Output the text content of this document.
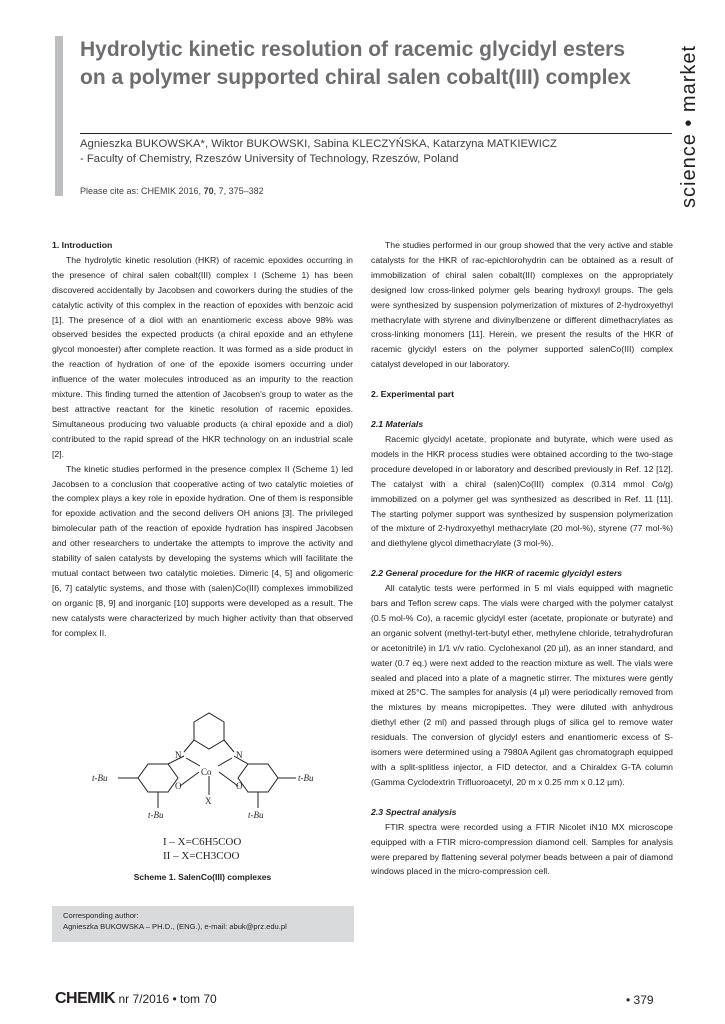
Hydrolytic kinetic resolution of racemic glycidyl esters on a polymer supported chiral salen cobalt(III) complex	science • market
Agnieszka BUKOWSKA*, Wiktor BUKOWSKI, Sabina KLECZYŃSKA, Katarzyna MATKIEWICZ
- Faculty of Chemistry, Rzeszów University of Technology, Rzeszów, Poland
Please cite as: CHEMIK 2016, 70, 7, 375–382
1. Introduction

The hydrolytic kinetic resolution (HKR) of racemic epoxides occurring in the presence of chiral salen cobalt(III) complex I (Scheme 1) has been discovered accidentally by Jacobsen and coworkers during the studies of the catalytic activity of this complex in the reaction of epoxides with benzoic acid [1]. The presence of a diol with an enantiomeric excess above 98% was observed besides the expected products (a chiral epoxide and an ethylene glycol monoester) after complete reaction. It was formed as a side product in the reaction of hydration of one of the epoxide isomers occurring under influence of the water molecules introduced as an impurity to the reaction mixture. This finding turned the attention of Jacobsen's group to water as the best attractive reactant for the kinetic resolution of racemic epoxides. Simultaneous producing two valuable products (a chiral epoxide and a diol) contributed to the rapid spread of the HKR technology on an industrial scale [2].

The kinetic studies performed in the presence complex II (Scheme 1) led Jacobsen to a conclusion that cooperative acting of two catalytic moieties of the complex plays a key role in epoxide hydration. One of them is responsible for epoxide activation and the second delivers OH anions [3]. The privileged bimolecular path of the reaction of epoxide hydration has inspired Jacobsen and other researchers to undertake the attempts to improve the activity and stability of salen catalysts by developing the systems which will facilitate the mutual contact between two catalytic moieties. Dimeric [4, 5] and oligomeric [6, 7] catalytic systems, and those with (salen)Co(III) complexes immobilized on organic [8, 9] and inorganic [10] supports were developed as a result. The new catalysts were characterized by much higher activity than that observed for complex II.

N	N
Co
O	O
X
t-Bu	t-Bu
t-Bu	t-Bu
I – X=C6H5COO
II – X=CH3COO
Scheme 1. SalenCo(III) complexes
Corresponding author:
Agnieszka BUKOWSKA – PH.D., (ENG.), e-mail: abuk@prz.edu.pl

The studies performed in our group showed that the very active and stable catalysts for the HKR of rac-epichlorohydrin can be obtained as a result of immobilization of chiral salen cobalt(III) complexes on the appropriately designed low cross-linked polymer gels bearing hydroxyl groups. The gels were synthesized by suspension polymerization of mixtures of 2-hydroxyethyl methacrylate with styrene and divinylbenzene or different dimethacrylates as cross-linking monomers [11]. Herein, we present the results of the HKR of racemic glycidyl esters on the polymer supported salenCo(III) complex catalyst developed in our laboratory.

2. Experimental part
2.1 Materials

Racemic glycidyl acetate, propionate and butyrate, which were used as models in the HKR process studies were obtained according to the two-stage procedure developed in or laboratory and described previously in Ref. 12 [12]. The catalyst with a chiral (salen)Co(III) complex (0.314 mmol Co/g) immobilized on a polymer gel was synthesized as described in Ref. 11 [11]. The starting polymer support was synthesized by suspension polymerization of the mixture of 2-hydroxyethyl methacrylate (20 mol-%), styrene (77 mol-%) and diethylene glycol dimethacrylate (3 mol-%).

2.2 General procedure for the HKR of racemic glycidyl esters

All catalytic tests were performed in 5 ml vials equipped with magnetic bars and Teflon screw caps. The vials were charged with the polymer catalyst (0.5 mol-% Co), a racemic glycidyl ester (acetate, propionate or butyrate) and an organic solvent (methyl-tert-butyl ether, methylene chloride, tetrahydrofuran or acetonitrile) in 1/1 v/v ratio. Cyclohexanol (20 µl), as an inner standard, and water (0.7 eq.) were next added to the reaction mixture as well. The vials were sealed and placed into a plate of a magnetic stirrer. The mixtures were gently mixed at 25°C. The samples for analysis (4 µl) were periodically removed from the mixtures by means micropipettes. They were diluted with anhydrous diethyl ether (2 ml) and passed through plugs of silica gel to remove water residuals. The conversion of glycidyl esters and enantiomeric excess of S-isomers were determined using a 7980A Agilent gas chromatograph equipped with a split-splitless injector, a FID detector, and a Chiraldex G-TA column (Gamma Cyclodextrin Trifluoroacetyl, 20 m x 0.25 mm x 0.12 µm).

2.3 Spectral analysis

FTIR spectra were recorded using a FTIR Nicolet iN10 MX microscope equipped with a FTIR micro-compression diamond cell. Samples for analysis were prepared by flattening several polymer beads between a pair of diamond windows placed in the micro-compression cell.

CHEMIK nr 7/2016 • tom 70	• 379
